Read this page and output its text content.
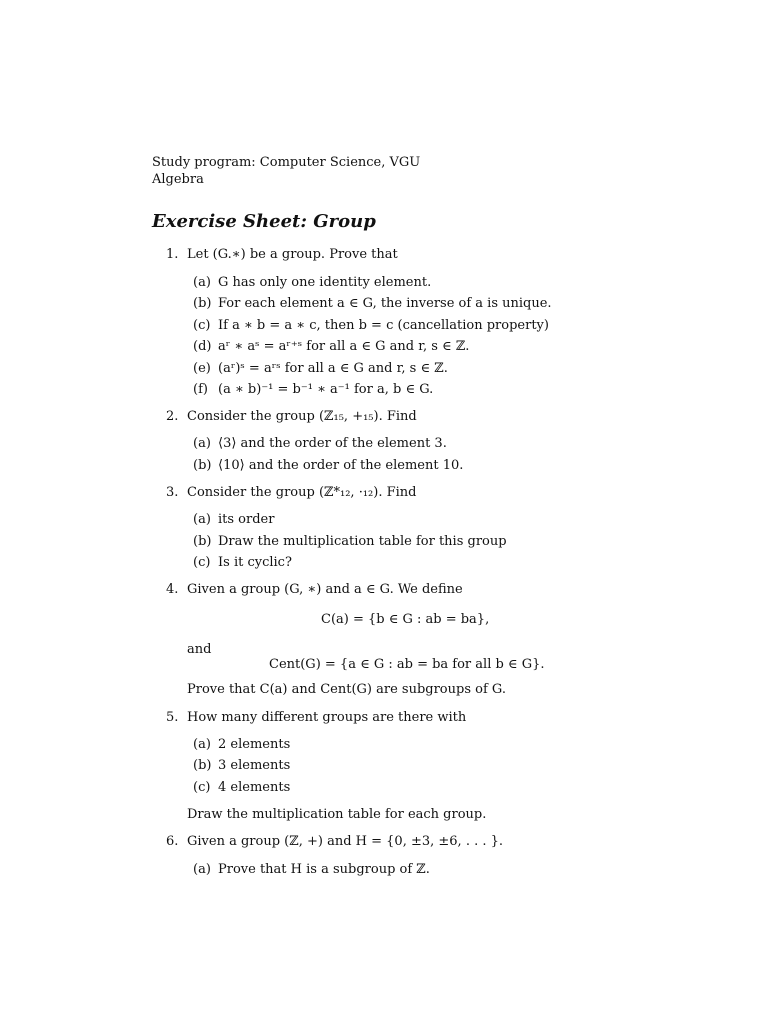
Study program: Computer Science, VGU
Algebra
Exercise Sheet: Group
1. Let (G.∗) be a group. Prove that
(a) G has only one identity element.
(b) For each element a ∈ G, the inverse of a is unique.
(c) If a ∗ b = a ∗ c, then b = c (cancellation property)
(d) aʳ ∗ aˢ = aʳ⁺ˢ for all a ∈ G and r, s ∈ ℤ.
(e) (aʳ)ˢ = aʳˢ for all a ∈ G and r, s ∈ ℤ.
(f) (a ∗ b)⁻¹ = b⁻¹ ∗ a⁻¹ for a, b ∈ G.
2. Consider the group (ℤ₁₅, +₁₅). Find
(a) ⟨3⟩ and the order of the element 3.
(b) ⟨10⟩ and the order of the element 10.
3. Consider the group (ℤ*₁₂, ·₁₂). Find
(a) its order
(b) Draw the multiplication table for this group
(c) Is it cyclic?
4. Given a group (G, ∗) and a ∈ G. We define
C(a) = {b ∈ G : ab = ba},
and
Cent(G) = {a ∈ G : ab = ba for all b ∈ G}.
Prove that C(a) and Cent(G) are subgroups of G.
5. How many different groups are there with
(a) 2 elements
(b) 3 elements
(c) 4 elements
Draw the multiplication table for each group.
6. Given a group (ℤ, +) and H = {0, ±3, ±6, . . . }.
(a) Prove that H is a subgroup of ℤ.
